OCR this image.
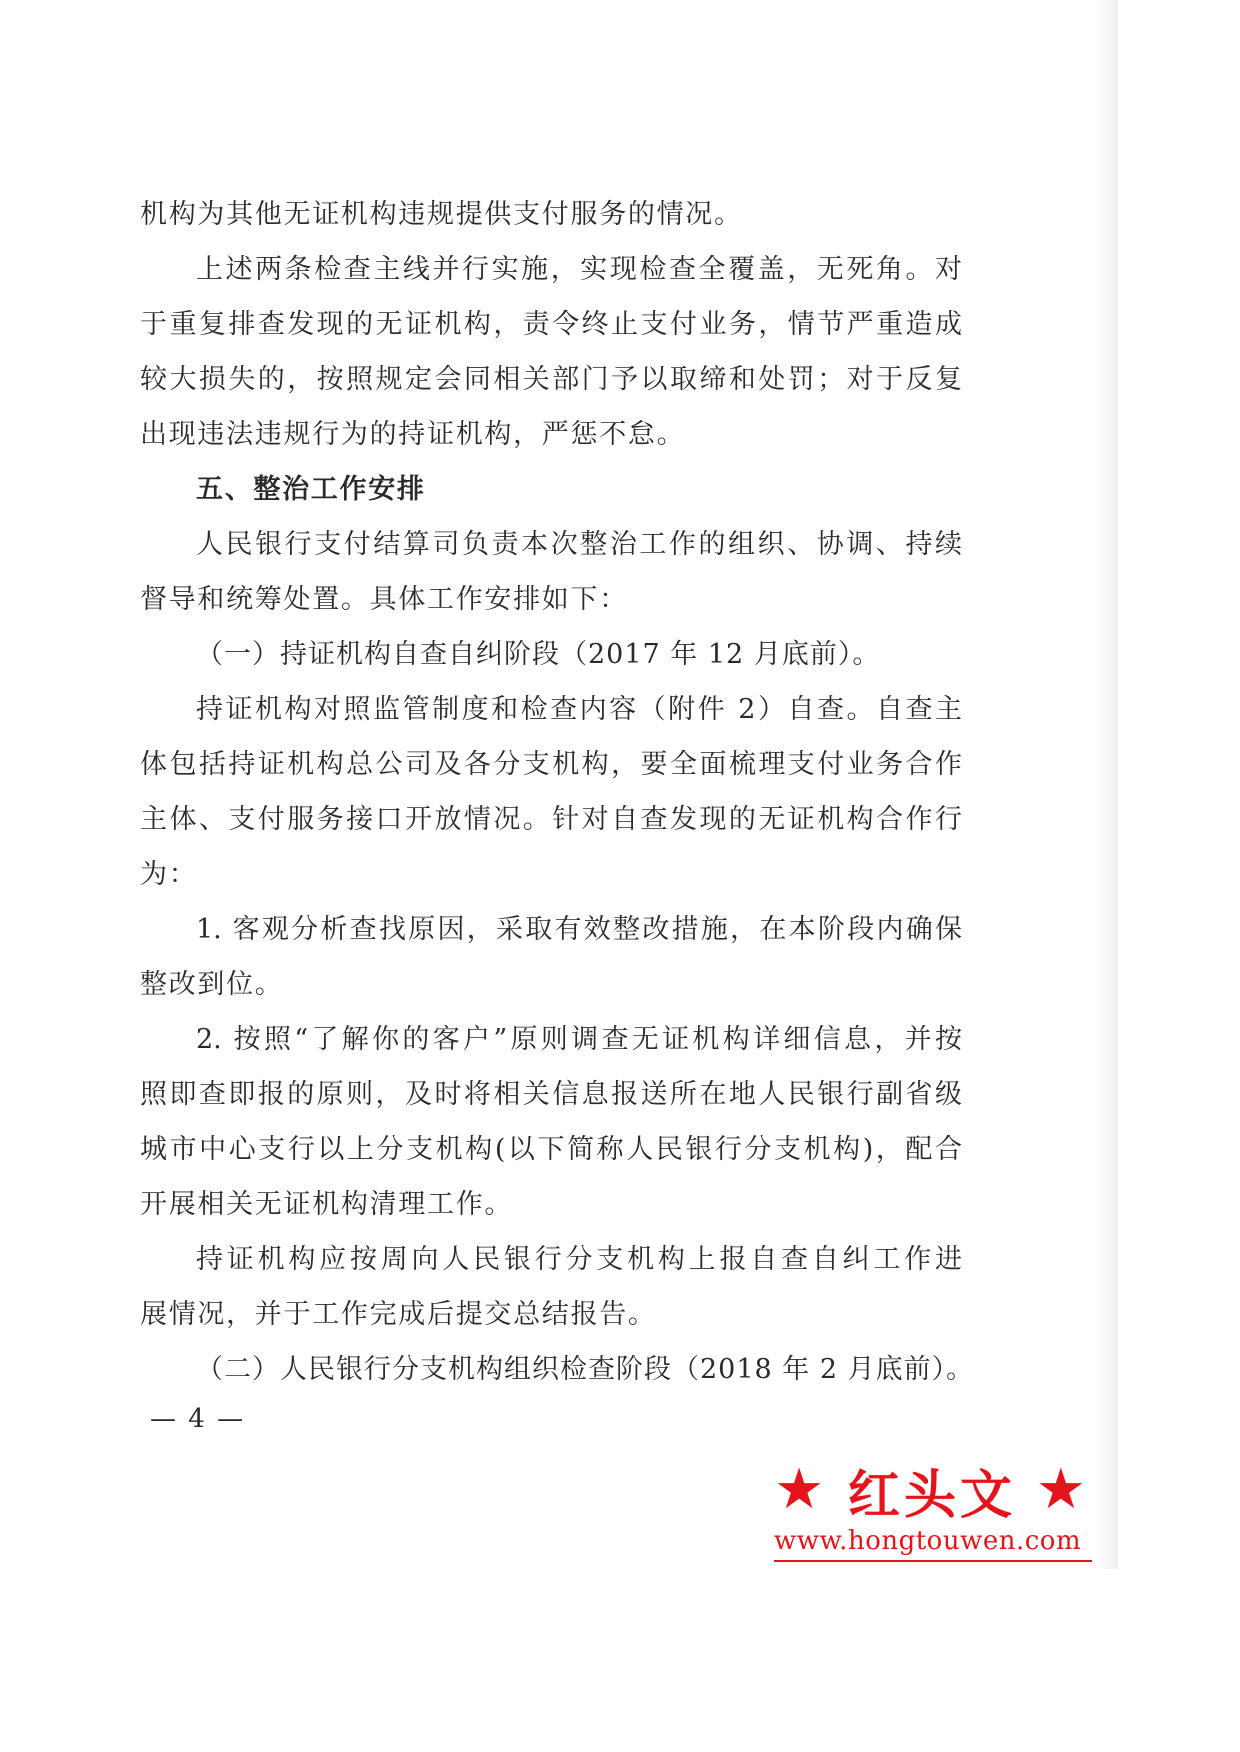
机构为其他无证机构违规提供支付服务的情况。
上述两条检查主线并行实施，实现检查全覆盖，无死角。对
于重复排查发现的无证机构，责令终止支付业务，情节严重造成
较大损失的，按照规定会同相关部门予以取缔和处罚；对于反复
出现违法违规行为的持证机构，严惩不怠。
五、整治工作安排
人民银行支付结算司负责本次整治工作的组织、协调、持续
督导和统筹处置。具体工作安排如下：
（一）持证机构自查自纠阶段（2017 年 12 月底前）。
持证机构对照监管制度和检查内容（附件 2）自查。自查主
体包括持证机构总公司及各分支机构，要全面梳理支付业务合作
主体、支付服务接口开放情况。针对自查发现的无证机构合作行
为：
1. 客观分析查找原因，采取有效整改措施，在本阶段内确保
整改到位。
2. 按照“了解你的客户”原则调查无证机构详细信息，并按
照即查即报的原则，及时将相关信息报送所在地人民银行副省级
城市中心支行以上分支机构(以下简称人民银行分支机构)，配合
开展相关无证机构清理工作。
持证机构应按周向人民银行分支机构上报自查自纠工作进
展情况，并于工作完成后提交总结报告。
（二）人民银行分支机构组织检查阶段（2018 年 2 月底前）。
— 4 —
★ 红头文 ★
www.hongtouwen.com
